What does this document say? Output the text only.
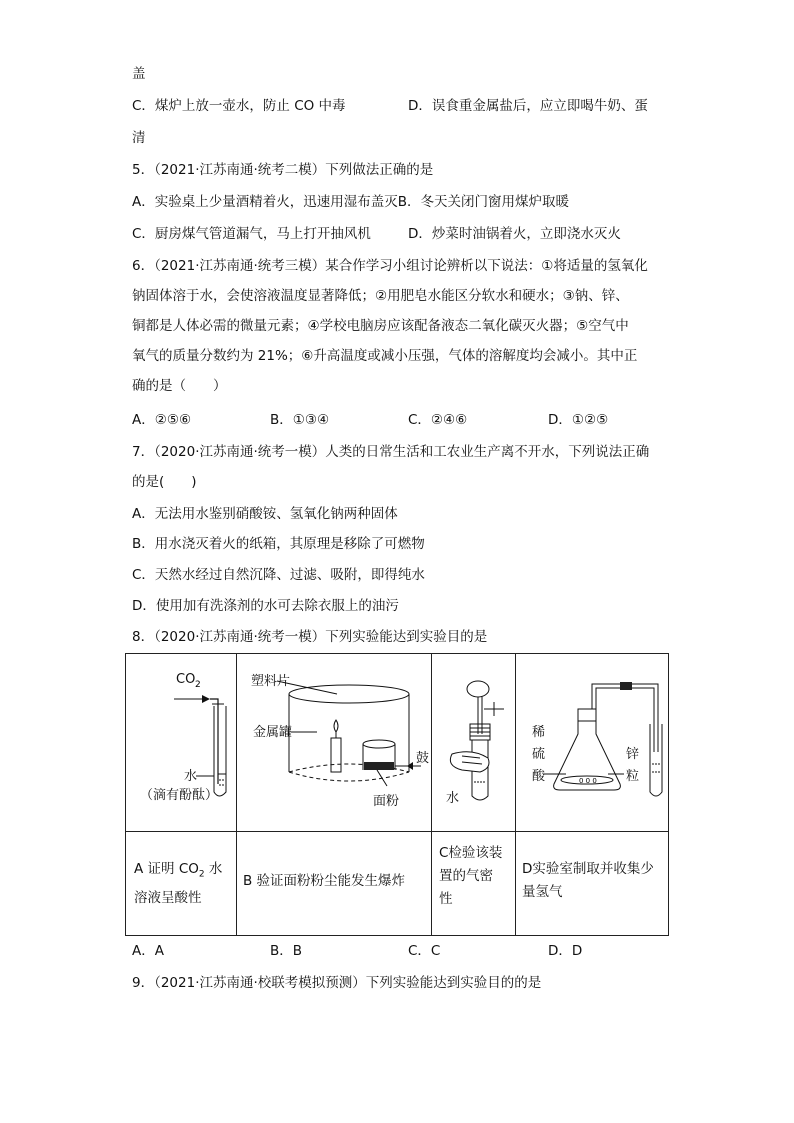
盖
C．煤炉上放一壶水，防止 CO 中毒	D．误食重金属盐后，应立即喝牛奶、蛋
清
5．（2021·江苏南通·统考二模）下列做法正确的是
A．实验桌上少量酒精着火，迅速用湿布盖灭B．冬天关闭门窗用煤炉取暖
C．厨房煤气管道漏气，马上打开抽风机	D．炒菜时油锅着火，立即浇水灭火
6．（2021·江苏南通·统考三模）某合作学习小组讨论辨析以下说法：①将适量的氢氧化
钠固体溶于水，会使溶液温度显著降低；②用肥皂水能区分软水和硬水；③钠、锌、
铜都是人体必需的微量元素；④学校电脑房应该配备液态二氧化碳灭火器；⑤空气中
氧气的质量分数约为 21%；⑥升高温度或减小压强，气体的溶解度均会减小。其中正
确的是（　　）
A．②⑤⑥	B．①③④	C．②④⑥	D．①②⑤
7．（2020·江苏南通·统考一模）人类的日常生活和工农业生产离不开水，下列说法正确
的是(　　)
A．无法用水鉴别硝酸铵、氢氧化钠两种固体
B．用水浇灭着火的纸箱，其原理是移除了可燃物
C．天然水经过自然沉降、过滤、吸附，即得纯水
D．使用加有洗涤剂的水可去除衣服上的油污
8．（2020·江苏南通·统考一模）下列实验能达到实验目的是
CO 2
水
（滴有酚酞）
塑料片
金属罐
鼓
面粉	水
0 0 0
稀
硫
酸
锌
粒
A 证明 $CO_2$ 水
溶液呈酸性
B 验证面粉粉尘能发生爆炸
C检验该装
置的气密
性
D实验室制取并收集少
量氢气
A．A	B．B	C．C	D．D
9．（2021·江苏南通·校联考模拟预测）下列实验能达到实验目的的是
